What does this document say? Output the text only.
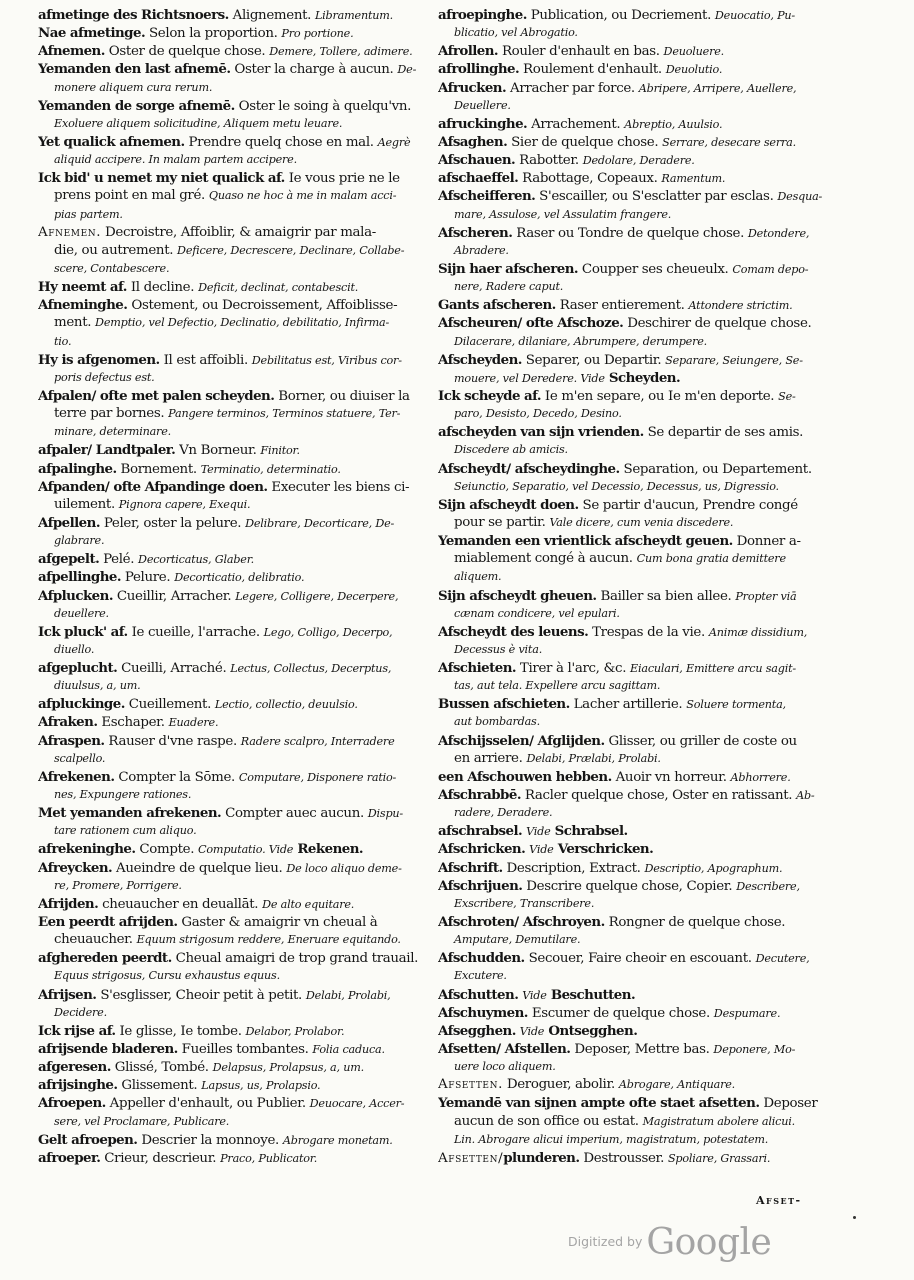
afmetinge des Richtsnoers. Alignement. Libramentum.
Nae afmetinge. Selon la proportion. Pro portione.
Afnemen. Oster de quelque chose. Demere, Tollere, adimere.
Yemanden den last afnemē. Oster la charge à aucun. De-
monere aliquem cura rerum.
Yemanden de sorge afnemē. Oster le soing à quelqu'vn.
Exoluere aliquem solicitudine, Aliquem metu leuare.
Yet qualick afnemen. Prendre quelq chose en mal. Aegrè
aliquid accipere. In malam partem accipere.
Ick bid' u nemet my niet qualick af. Ie vous prie ne le
prens point en mal gré. Quaso ne hoc à me in malam acci-
pias partem.
Afnemen. Decroistre, Affoiblir, & amaigrir par mala-
die, ou autrement. Deficere, Decrescere, Declinare, Collabe-
scere, Contabescere.
Hy neemt af. Il decline. Deficit, declinat, contabescit.
Afneminghe. Ostement, ou Decroissement, Affoiblisse-
ment. Demptio, vel Defectio, Declinatio, debilitatio, Infirma-
tio.
Hy is afgenomen. Il est affoibli. Debilitatus est, Viribus cor-
poris defectus est.
Afpalen/ ofte met palen scheyden. Borner, ou diuiser la
terre par bornes. Pangere terminos, Terminos statuere, Ter-
minare, determinare.
afpaler/ Landtpaler. Vn Borneur. Finitor.
afpalinghe. Bornement. Terminatio, determinatio.
Afpanden/ ofte Afpandinge doen. Executer les biens ci-
uilement. Pignora capere, Exequi.
Afpellen. Peler, oster la pelure. Delibrare, Decorticare, De-
glabrare.
afgepelt. Pelé. Decorticatus, Glaber.
afpellinghe. Pelure. Decorticatio, delibratio.
Afplucken. Cueillir, Arracher. Legere, Colligere, Decerpere,
deuellere.
Ick pluck' af. Ie cueille, l'arrache. Lego, Colligo, Decerpo,
diuello.
afgeplucht. Cueilli, Arraché. Lectus, Collectus, Decerptus,
diuulsus, a, um.
afpluckinge. Cueillement. Lectio, collectio, deuulsio.
Afraken. Eschaper. Euadere.
Afraspen. Rauser d'vne raspe. Radere scalpro, Interradere
scalpello.
Afrekenen. Compter la Sōme. Computare, Disponere ratio-
nes, Expungere rationes.
Met yemanden afrekenen. Compter auec aucun. Dispu-
tare rationem cum aliquo.
afrekeninghe. Compte. Computatio. Vide Rekenen.
Afreycken. Aueindre de quelque lieu. De loco aliquo deme-
re, Promere, Porrigere.
Afrijden. cheuaucher en deuallāt. De alto equitare.
Een peerdt afrijden. Gaster & amaigrir vn cheual à
cheuaucher. Equum strigosum reddere, Eneruare equitando.
afghereden peerdt. Cheual amaigri de trop grand trauail.
Equus strigosus, Cursu exhaustus equus.
Afrijsen. S'esglisser, Cheoir petit à petit. Delabi, Prolabi,
Decidere.
Ick rijse af. Ie glisse, Ie tombe. Delabor, Prolabor.
afrijsende bladeren. Fueilles tombantes. Folia caduca.
afgeresen. Glissé, Tombé. Delapsus, Prolapsus, a, um.
afrijsinghe. Glissement. Lapsus, us, Prolapsio.
Afroepen. Appeller d'enhault, ou Publier. Deuocare, Accer-
sere, vel Proclamare, Publicare.
Gelt afroepen. Descrier la monnoye. Abrogare monetam.
afroeper. Crieur, descrieur. Praco, Publicator.
afroepinghe. Publication, ou Decriement. Deuocatio, Pu-
blicatio, vel Abrogatio.
Afrollen. Rouler d'enhault en bas. Deuoluere.
afrollinghe. Roulement d'enhault. Deuolutio.
Afrucken. Arracher par force. Abripere, Arripere, Auellere,
Deuellere.
afruckinghe. Arrachement. Abreptio, Auulsio.
Afsaghen. Sier de quelque chose. Serrare, desecare serra.
Afschauen. Rabotter. Dedolare, Deradere.
afschaeffel. Rabottage, Copeaux. Ramentum.
Afscheifferen. S'escailler, ou S'esclatter par esclas. Desqua-
mare, Assulose, vel Assulatim frangere.
Afscheren. Raser ou Tondre de quelque chose. Detondere,
Abradere.
Sijn haer afscheren. Coupper ses cheueulx. Comam depo-
nere, Radere caput.
Gants afscheren. Raser entierement. Attondere strictim.
Afscheuren/ ofte Afschoze. Deschirer de quelque chose.
Dilacerare, dilaniare, Abrumpere, derumpere.
Afscheyden. Separer, ou Departir. Separare, Seiungere, Se-
mouere, vel Deredere. Vide Scheyden.
Ick scheyde af. Ie m'en separe, ou Ie m'en deporte. Se-
paro, Desisto, Decedo, Desino.
afscheyden van sijn vrienden. Se departir de ses amis.
Discedere ab amicis.
Afscheydt/ afscheydinghe. Separation, ou Departement.
Seiunctio, Separatio, vel Decessio, Decessus, us, Digressio.
Sijn afscheydt doen. Se partir d'aucun, Prendre congé
pour se partir. Vale dicere, cum venia discedere.
Yemanden een vrientlick afscheydt geuen. Donner a-
miablement congé à aucun. Cum bona gratia demittere
aliquem.
Sijn afscheydt gheuen. Bailler sa bien allee. Propter viā
cænam condicere, vel epulari.
Afscheydt des leuens. Trespas de la vie. Animæ dissidium,
Decessus è vita.
Afschieten. Tirer à l'arc, &c. Eiaculari, Emittere arcu sagit-
tas, aut tela. Expellere arcu sagittam.
Bussen afschieten. Lacher artillerie. Soluere tormenta,
aut bombardas.
Afschijsselen/ Afglijden. Glisser, ou griller de coste ou
en arriere. Delabi, Prælabi, Prolabi.
een Afschouwen hebben. Auoir vn horreur. Abhorrere.
Afschrabbē. Racler quelque chose, Oster en ratissant. Ab-
radere, Deradere.
afschrabsel. Vide Schrabsel.
Afschricken. Vide Verschricken.
Afschrift. Description, Extract. Descriptio, Apographum.
Afschrijuen. Descrire quelque chose, Copier. Describere,
Exscribere, Transcribere.
Afschroten/ Afschroyen. Rongner de quelque chose.
Amputare, Demutilare.
Afschudden. Secouer, Faire cheoir en escouant. Decutere,
Excutere.
Afschutten. Vide Beschutten.
Afschuymen. Escumer de quelque chose. Despumare.
Afsegghen. Vide Ontsegghen.
Afsetten/ Afstellen. Deposer, Mettre bas. Deponere, Mo-
uere loco aliquem.
Afsetten. Deroguer, abolir. Abrogare, Antiquare.
Yemandē van sijnen ampte ofte staet afsetten. Deposer
aucun de son office ou estat. Magistratum abolere alicui.
Lin. Abrogare alicui imperium, magistratum, potestatem.
Afsetten/plunderen. Destrousser. Spoliare, Grassari.
Afset-
$^{Digitized by}$ Google
